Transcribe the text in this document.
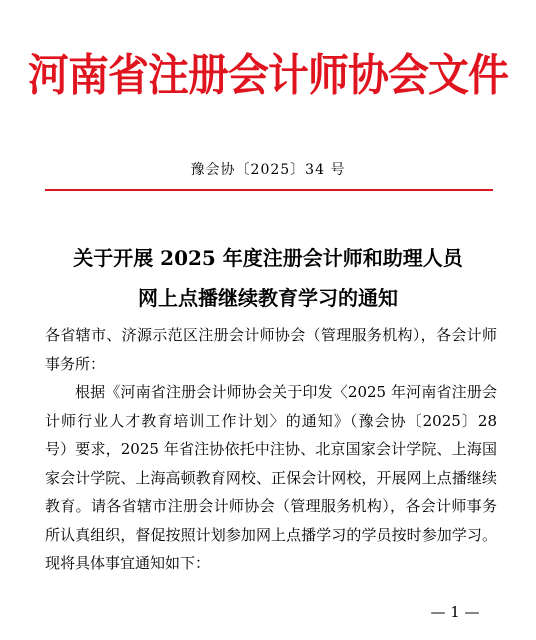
河南省注册会计师协会文件
豫会协〔2025〕34 号
关于开展 2025 年度注册会计师和助理人员
网上点播继续教育学习的通知

各省辖市、济源示范区注册会计师协会（管理服务机构），各会计师事务所：

根据《河南省注册会计师协会关于印发〈2025 年河南省注册会计师行业人才教育培训工作计划〉的通知》（豫会协〔2025〕28 号）要求，2025 年省注协依托中注协、北京国家会计学院、上海国家会计学院、上海高顿教育网校、正保会计网校，开展网上点播继续教育。请各省辖市注册会计师协会（管理服务机构），各会计师事务所认真组织，督促按照计划参加网上点播学习的学员按时参加学习。现将具体事宜通知如下：

— 1 —
